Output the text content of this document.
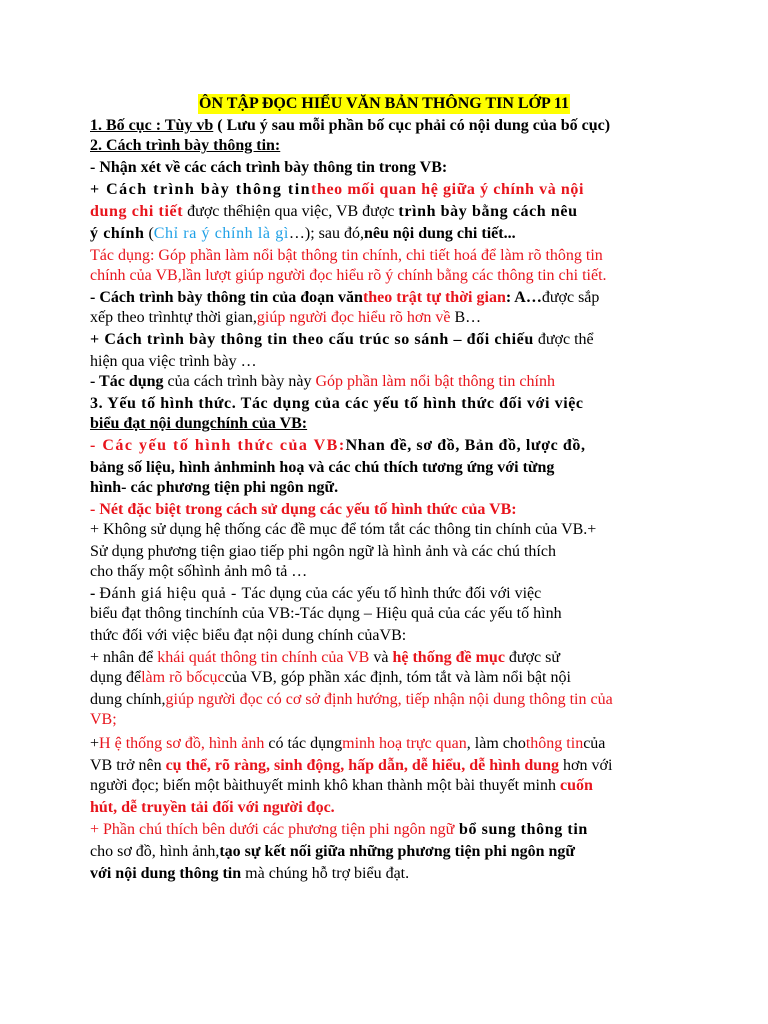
ÔN TẬP ĐỌC HIỂU VĂN BẢN THÔNG TIN LỚP 11
1. Bố cục : Tùy vb ( Lưu ý sau mỗi phần bố cục phải có nội dung của bố cục)
2. Cách trình bày thông tin:
- Nhận xét về các cách trình bày thông tin trong VB:
+ Cách trình bày thông tintheo mối quan hệ giữa ý chính và nội
dung chi tiết được thểhiện qua việc, VB được trình bày bằng cách nêu
ý chính (Chỉ ra ý chính là gì…); sau đó,nêu nội dung chi tiết...
Tác dụng: Góp phần làm nổi bật thông tin chính, chi tiết hoá để làm rõ thông tin
chính của VB,lần lượt giúp người đọc hiểu rõ ý chính bằng các thông tin chi tiết.
- Cách trình bày thông tin của đoạn văntheo trật tự thời gian: A…được sắp
xếp theo trìnhtự thời gian,giúp người đọc hiểu rõ hơn về B…
+ Cách trình bày thông tin theo cấu trúc so sánh – đối chiếu được thể
hiện qua việc trình bày …
- Tác dụng của cách trình bày này Góp phần làm nổi bật thông tin chính
3. Yếu tố hình thức. Tác dụng của các yếu tố hình thức đối với việc
biểu đạt nội dungchính của VB:
- Các yếu tố hình thức của VB:Nhan đề, sơ đồ, Bản đồ, lược đồ,
bảng số liệu, hình ảnhminh hoạ và các chú thích tương ứng với từng
hình- các phương tiện phi ngôn ngữ.
- Nét đặc biệt trong cách sử dụng các yếu tố hình thức của VB:
+ Không sử dụng hệ thống các đề mục để tóm tắt các thông tin chính của VB.+
Sử dụng phương tiện giao tiếp phi ngôn ngữ là hình ảnh và các chú thích
cho thấy một sốhình ảnh mô tả …
- Đánh giá hiệu quả - Tác dụng của các yếu tố hình thức đối với việc
biểu đạt thông tinchính của VB:-Tác dụng – Hiệu quả của các yếu tố hình
thức đối với việc biểu đạt nội dung chính củaVB:
+ nhân để khái quát thông tin chính của VB và hệ thống đề mục được sử
dụng đểlàm rõ bốcụccủa VB, góp phần xác định, tóm tắt và làm nổi bật nội
dung chính,giúp người đọc có cơ sở định hướng, tiếp nhận nội dung thông tin của
VB;
+H ệ thống sơ đồ, hình ảnh có tác dụngminh hoạ trực quan, làm chothông tincủa
VB trở nên cụ thể, rõ ràng, sinh động, hấp dẫn, dễ hiểu, dễ hình dung hơn với
người đọc; biến một bàithuyết minh khô khan thành một bài thuyết minh cuốn
hút, dễ truyền tải đối với người đọc.
+ Phần chú thích bên dưới các phương tiện phi ngôn ngữ bổ sung thông tin
cho sơ đồ, hình ảnh,tạo sự kết nối giữa những phương tiện phi ngôn ngữ
với nội dung thông tin mà chúng hỗ trợ biểu đạt.
